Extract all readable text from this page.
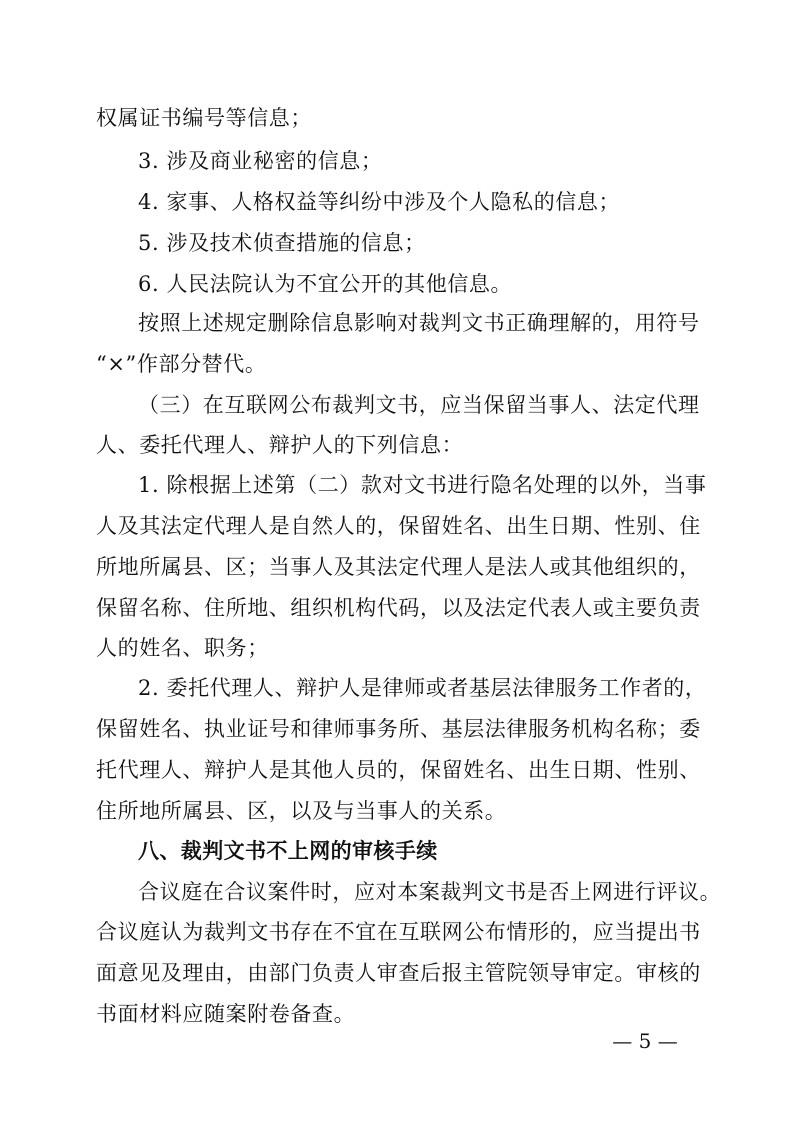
权属证书编号等信息；
3. 涉及商业秘密的信息；
4. 家事、人格权益等纠纷中涉及个人隐私的信息；
5. 涉及技术侦查措施的信息；
6. 人民法院认为不宜公开的其他信息。
按照上述规定删除信息影响对裁判文书正确理解的，用符号
“×”作部分替代。
（三）在互联网公布裁判文书，应当保留当事人、法定代理
人、委托代理人、辩护人的下列信息：
1. 除根据上述第（二）款对文书进行隐名处理的以外，当事
人及其法定代理人是自然人的，保留姓名、出生日期、性别、住
所地所属县、区；当事人及其法定代理人是法人或其他组织的，
保留名称、住所地、组织机构代码，以及法定代表人或主要负责
人的姓名、职务；
2. 委托代理人、辩护人是律师或者基层法律服务工作者的，
保留姓名、执业证号和律师事务所、基层法律服务机构名称；委
托代理人、辩护人是其他人员的，保留姓名、出生日期、性别、
住所地所属县、区，以及与当事人的关系。
八、裁判文书不上网的审核手续
合议庭在合议案件时，应对本案裁判文书是否上网进行评议。
合议庭认为裁判文书存在不宜在互联网公布情形的，应当提出书
面意见及理由，由部门负责人审查后报主管院领导审定。审核的
书面材料应随案附卷备查。
— 5 —
